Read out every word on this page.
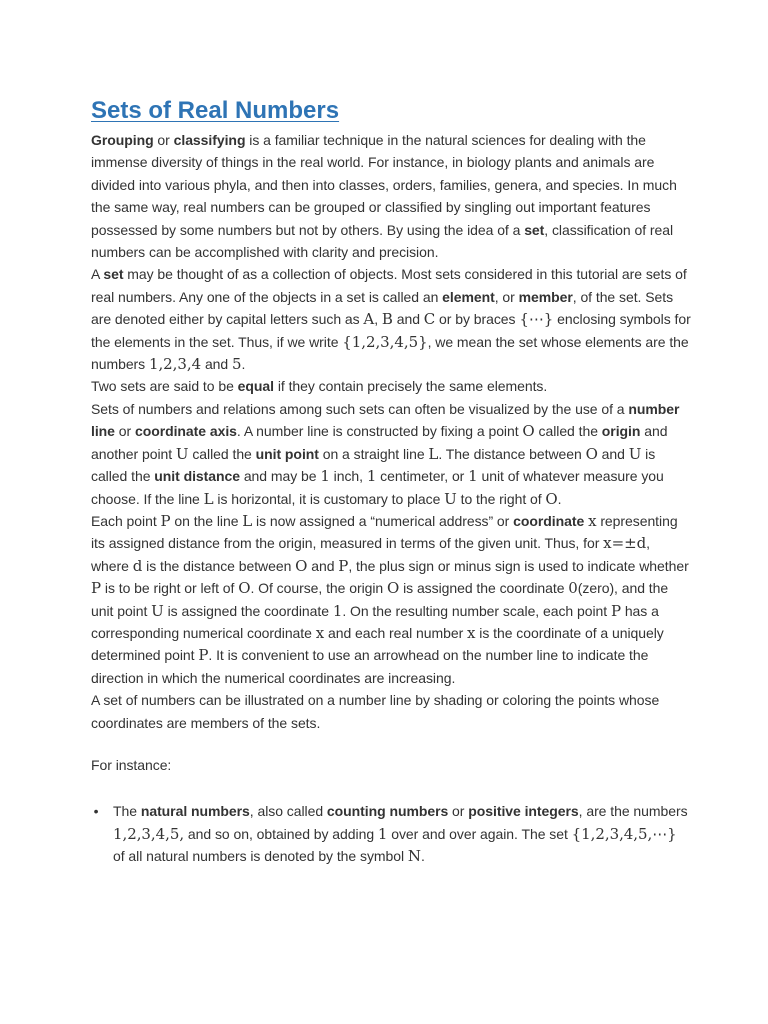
Sets of Real Numbers

Grouping or classifying is a familiar technique in the natural sciences for dealing with the immense diversity of things in the real world. For instance, in biology plants and animals are divided into various phyla, and then into classes, orders, families, genera, and species. In much the same way, real numbers can be grouped or classified by singling out important features possessed by some numbers but not by others. By using the idea of a set, classification of real numbers can be accomplished with clarity and precision.

A set may be thought of as a collection of objects. Most sets considered in this tutorial are sets of real numbers. Any one of the objects in a set is called an element, or member, of the set. Sets are denoted either by capital letters such as A, B and C or by braces {⋯} enclosing symbols for the elements in the set. Thus, if we write {1,2,3,4,5}, we mean the set whose elements are the numbers 1,2,3,4 and 5.

Two sets are said to be equal if they contain precisely the same elements.

Sets of numbers and relations among such sets can often be visualized by the use of a number line or coordinate axis. A number line is constructed by fixing a point O called the origin and another point U called the unit point on a straight line L. The distance between O and U is called the unit distance and may be 1 inch, 1 centimeter, or 1 unit of whatever measure you choose. If the line L is horizontal, it is customary to place U to the right of O.

Each point P on the line L is now assigned a “numerical address” or coordinate x representing its assigned distance from the origin, measured in terms of the given unit. Thus, for x=±d, where d is the distance between O and P, the plus sign or minus sign is used to indicate whether P is to be right or left of O. Of course, the origin O is assigned the coordinate 0(zero), and the unit point U is assigned the coordinate 1. On the resulting number scale, each point P has a corresponding numerical coordinate x and each real number x is the coordinate of a uniquely determined point P. It is convenient to use an arrowhead on the number line to indicate the direction in which the numerical coordinates are increasing.

A set of numbers can be illustrated on a number line by shading or coloring the points whose coordinates are members of the sets.

For instance:

• The natural numbers, also called counting numbers or positive integers, are the numbers 1,2,3,4,5, and so on, obtained by adding 1 over and over again. The set {1,2,3,4,5,⋯} of all natural numbers is denoted by the symbol N.
